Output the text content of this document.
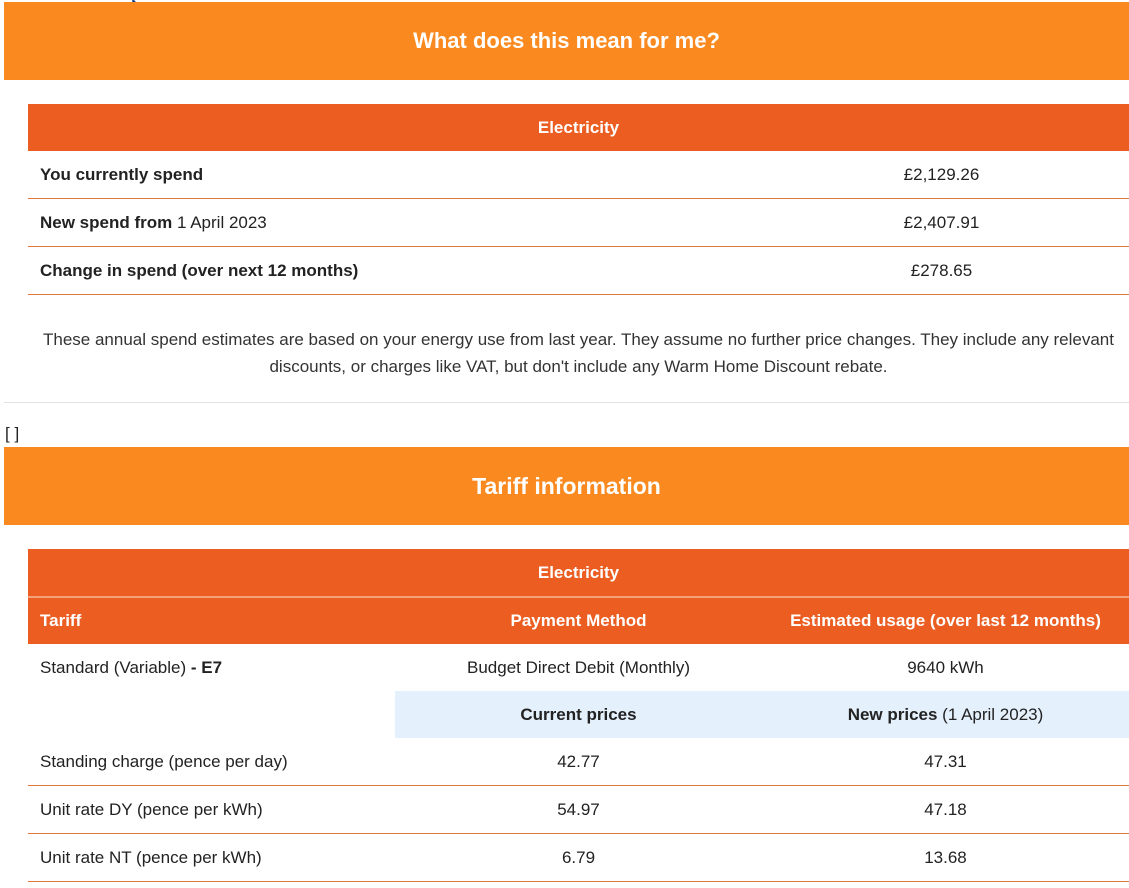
What does this mean for me?
Electricity	
You currently spend	£2,129.26
New spend from 1 April 2023	£2,407.91
Change in spend (over next 12 months)	£278.65
These annual spend estimates are based on your energy use from last year. They assume no further price changes. They include any relevant discounts, or charges like VAT, but don't include any Warm Home Discount rebate.
[ ]
Tariff information
Electricity		
Tariff	Payment Method	Estimated usage (over last 12 months)
Standard (Variable) - E7	Budget Direct Debit (Monthly)	9640 kWh
	Current prices	New prices (1 April 2023)
Standing charge (pence per day)	42.77	47.31
Unit rate DY (pence per kWh)	54.97	47.18
Unit rate NT (pence per kWh)	6.79	13.68
